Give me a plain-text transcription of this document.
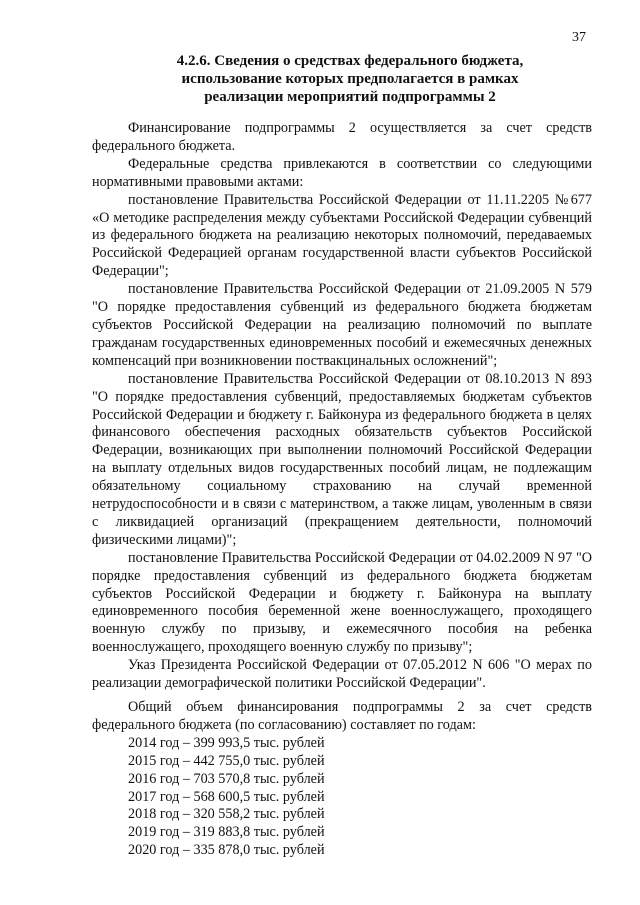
37
4.2.6. Сведения о средствах федерального бюджета,
использование которых предполагается в рамках
реализации мероприятий подпрограммы 2

Финансирование подпрограммы 2 осуществляется за счет средств федерального бюджета.

Федеральные средства привлекаются в соответствии со следующими нормативными правовыми актами:

постановление Правительства Российской Федерации от 11.11.2205 №677 «О методике распределения между субъектами Российской Федерации субвенций из федерального бюджета на реализацию некоторых полномочий, передаваемых Российской Федерацией органам государственной власти субъектов Российской Федерации";

постановление Правительства Российской Федерации от 21.09.2005 N 579 "О порядке предоставления субвенций из федерального бюджета бюджетам субъектов Российской Федерации на реализацию полномочий по выплате гражданам государственных единовременных пособий и ежемесячных денежных компенсаций при возникновении поствакцинальных осложнений";

постановление Правительства Российской Федерации от 08.10.2013 N 893 "О порядке предоставления субвенций, предоставляемых бюджетам субъектов Российской Федерации и бюджету г. Байконура из федерального бюджета в целях финансового обеспечения расходных обязательств субъектов Российской Федерации, возникающих при выполнении полномочий Российской Федерации на выплату отдельных видов государственных пособий лицам, не подлежащим обязательному социальному страхованию на случай временной нетрудоспособности и в связи с материнством, а также лицам, уволенным в связи с ликвидацией организаций (прекращением деятельности, полномочий физическими лицами)";

постановление Правительства Российской Федерации от 04.02.2009 N 97 "О порядке предоставления субвенций из федерального бюджета бюджетам субъектов Российской Федерации и бюджету г. Байконура на выплату единовременного пособия беременной жене военнослужащего, проходящего военную службу по призыву, и ежемесячного пособия на ребенка военнослужащего, проходящего военную службу по призыву";

Указ Президента Российской Федерации от 07.05.2012 N 606 "О мерах по реализации демографической политики Российской Федерации".

Общий объем финансирования подпрограммы 2 за счет средств федерального бюджета (по согласованию) составляет по годам:

2014 год – 399 993,5 тыс. рублей
2015 год – 442 755,0 тыс. рублей
2016 год – 703 570,8 тыс. рублей
2017 год – 568 600,5 тыс. рублей
2018 год – 320 558,2 тыс. рублей
2019 год – 319 883,8 тыс. рублей
2020 год – 335 878,0 тыс. рублей
